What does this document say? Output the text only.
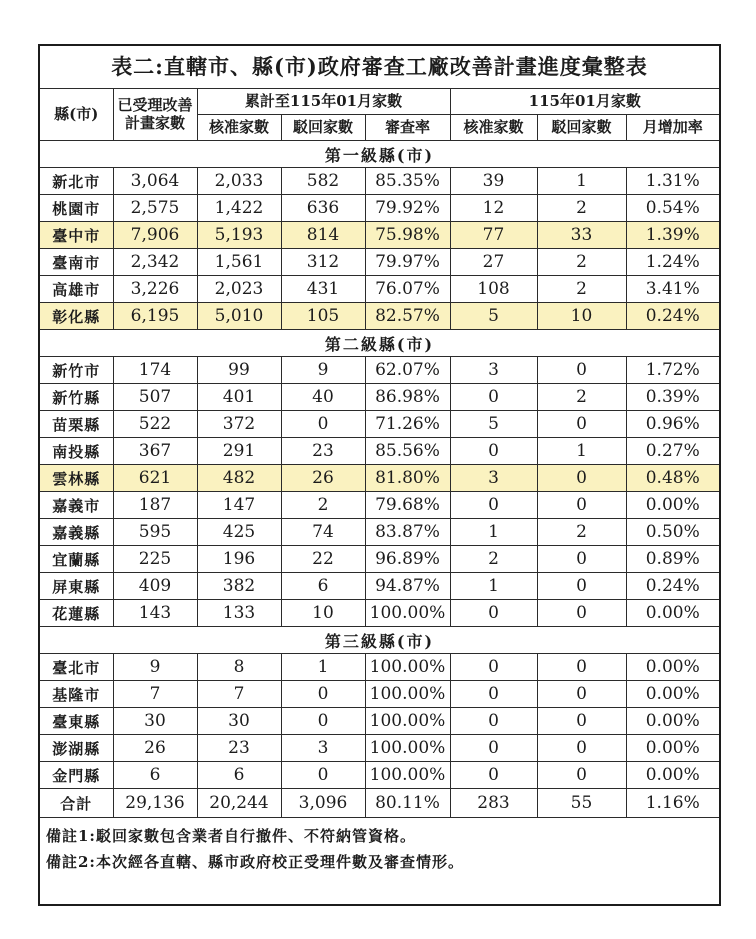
表二:直轄市、縣(市)政府審查工廠改善計畫進度彙整表							
縣(市)	已受理改善
計畫家數	累計至115年01月家數			115年01月家數		
		核准家數	駁回家數	審查率	核准家數	駁回家數	月增加率
第一級縣(市)							
新北市	3,064	2,033	582	85.35%	39	1	1.31%
桃園市	2,575	1,422	636	79.92%	12	2	0.54%
臺中市	7,906	5,193	814	75.98%	77	33	1.39%
臺南市	2,342	1,561	312	79.97%	27	2	1.24%
高雄市	3,226	2,023	431	76.07%	108	2	3.41%
彰化縣	6,195	5,010	105	82.57%	5	10	0.24%
第二級縣(市)							
新竹市	174	99	9	62.07%	3	0	1.72%
新竹縣	507	401	40	86.98%	0	2	0.39%
苗栗縣	522	372	0	71.26%	5	0	0.96%
南投縣	367	291	23	85.56%	0	1	0.27%
雲林縣	621	482	26	81.80%	3	0	0.48%
嘉義市	187	147	2	79.68%	0	0	0.00%
嘉義縣	595	425	74	83.87%	1	2	0.50%
宜蘭縣	225	196	22	96.89%	2	0	0.89%
屏東縣	409	382	6	94.87%	1	0	0.24%
花蓮縣	143	133	10	100.00%	0	0	0.00%
第三級縣(市)							
臺北市	9	8	1	100.00%	0	0	0.00%
基隆市	7	7	0	100.00%	0	0	0.00%
臺東縣	30	30	0	100.00%	0	0	0.00%
澎湖縣	26	23	3	100.00%	0	0	0.00%
金門縣	6	6	0	100.00%	0	0	0.00%
合計	29,136	20,244	3,096	80.11%	283	55	1.16%

備註1:駁回家數包含業者自行撤件、不符納管資格。
備註2:本次經各直轄、縣市政府校正受理件數及審查情形。							
